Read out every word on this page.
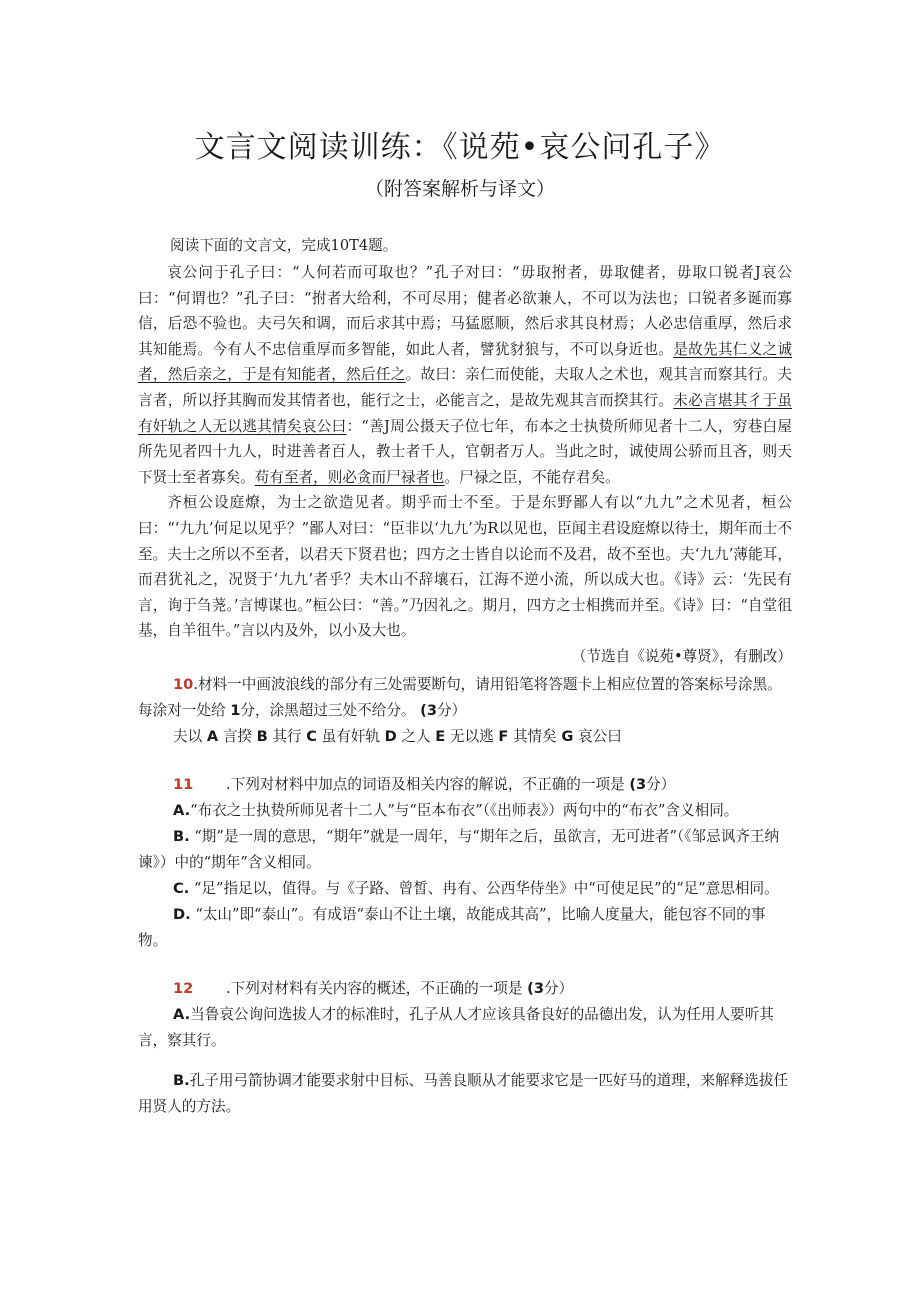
文言文阅读训练：《说苑•哀公问孔子》
（附答案解析与译文）
阅读下面的文言文，完成10T4题。

哀公问于孔子曰：“人何若而可取也？”孔子对曰：“毋取拊者，毋取健者，毋取口锐者J哀公曰：“何谓也？”孔子曰：“拊者大给利，不可尽用；健者必欲兼人，不可以为法也；口锐者多诞而寡信，后恐不验也。夫弓矢和调，而后求其中焉；马猛愿顺，然后求其良材焉；人必忠信重厚，然后求其知能焉。今有人不忠信重厚而多智能，如此人者，譬犹豺狼与，不可以身近也。是故先其仁义之诚者，然后亲之，于是有知能者，然后任之。故曰：亲仁而使能，夫取人之术也，观其言而察其行。夫言者，所以抒其胸而发其情者也，能行之士，必能言之，是故先观其言而揆其行。未必言堪其彳于虽有奸轨之人无以逃其情矣哀公曰：“善J周公摄天子位七年，布本之士执贽所师见者十二人，穷巷白屋所先见者四十九人，时进善者百人，教士者千人，官朝者万人。当此之时，诚使周公骄而且吝，则天下贤士至者寡矣。苟有至者，则必贪而尸禄者也。尸禄之臣，不能存君矣。

齐桓公设庭燎，为士之欲造见者。期乎而士不至。于是东野鄙人有以“九九”之术见者，桓公曰：“‘九九’何足以见乎？”鄙人对曰：“臣非以‘九九’为R以见也，臣闻主君设庭燎以待士，期年而士不至。夫士之所以不至者，以君天下贤君也；四方之士皆自以论而不及君，故不至也。夫‘九九’薄能耳，而君犹礼之，况贤于‘九九’者乎？夫木山不辞壤石，江海不逆小流，所以成大也。《诗》云：‘先民有言，询于刍荛。’言博谋也。”桓公曰：“善。”乃因礼之。期月，四方之士相携而并至。《诗》曰：“自堂徂基，自羊徂牛。”言以内及外，以小及大也。

（节选自《说苑•尊贤》，有删改）
10.材料一中画波浪线的部分有三处需要断句，请用铅笔将答题卡上相应位置的答案标号涂黑。每涂对一处给 1分，涂黑超过三处不给分。 (3分）
夫以 A 言揆 B 其行 C 虽有奸轨 D 之人 E 无以逃 F 其情矣 G 哀公曰
11 .下列对材料中加点的词语及相关内容的解说，不正确的一项是 (3分）

A.“布衣之士执贽所师见者十二人”与“臣本布衣”（《出师表》）两句中的“布衣”含义相同。

B. “期”是一周的意思，“期年”就是一周年，与“期年之后，虽欲言，无可进者”（《邹忌讽齐王纳谏》）中的“期年”含义相同。

C. “足”指足以，值得。与《子路、曾皙、冉有、公西华侍坐》中“可使足民”的“足”意思相同。

D. “太山”即“泰山”。有成语“泰山不让土壤，故能成其高”，比喻人度量大，能包容不同的事物。

12 .下列对材料有关内容的概述，不正确的一项是 (3分）

A.当鲁哀公询问选拔人才的标准时，孔子从人才应该具备良好的品德出发，认为任用人要听其言，察其行。

B.孔子用弓箭协调才能要求射中目标、马善良顺从才能要求它是一匹好马的道理，来解释选拔任用贤人的方法。
